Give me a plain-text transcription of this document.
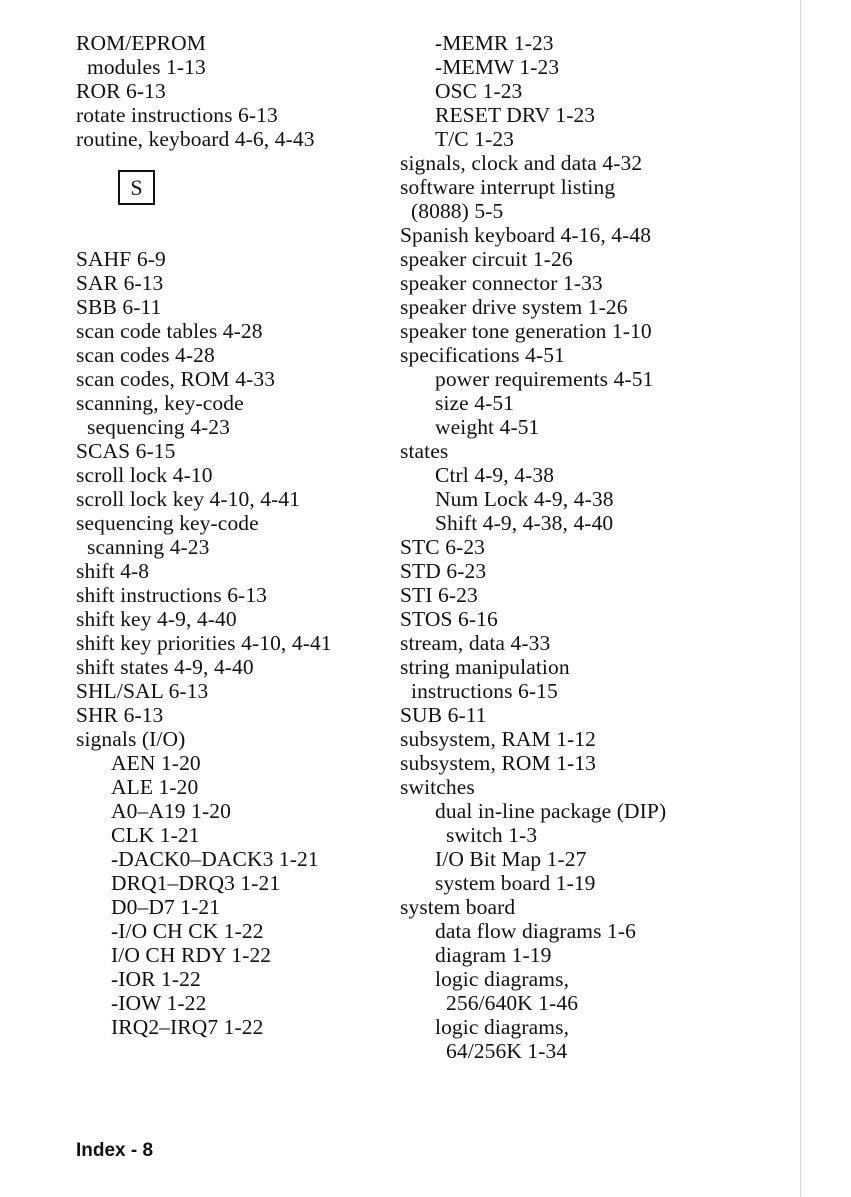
ROM/EPROM
modules 1-13
ROR 6-13
rotate instructions 6-13
routine, keyboard 4-6, 4-43
S
SAHF 6-9
SAR 6-13
SBB 6-11
scan code tables 4-28
scan codes 4-28
scan codes, ROM 4-33
scanning, key-code
sequencing 4-23
SCAS 6-15
scroll lock 4-10
scroll lock key 4-10, 4-41
sequencing key-code
scanning 4-23
shift 4-8
shift instructions 6-13
shift key 4-9, 4-40
shift key priorities 4-10, 4-41
shift states 4-9, 4-40
SHL/SAL 6-13
SHR 6-13
signals (I/O)
AEN 1-20
ALE 1-20
A0–A19 1-20
CLK 1-21
-DACK0–DACK3 1-21
DRQ1–DRQ3 1-21
D0–D7 1-21
-I/O CH CK 1-22
I/O CH RDY 1-22
-IOR 1-22
-IOW 1-22
IRQ2–IRQ7 1-22
-MEMR 1-23
-MEMW 1-23
OSC 1-23
RESET DRV 1-23
T/C 1-23
signals, clock and data 4-32
software interrupt listing
(8088) 5-5
Spanish keyboard 4-16, 4-48
speaker circuit 1-26
speaker connector 1-33
speaker drive system 1-26
speaker tone generation 1-10
specifications 4-51
power requirements 4-51
size 4-51
weight 4-51
states
Ctrl 4-9, 4-38
Num Lock 4-9, 4-38
Shift 4-9, 4-38, 4-40
STC 6-23
STD 6-23
STI 6-23
STOS 6-16
stream, data 4-33
string manipulation
instructions 6-15
SUB 6-11
subsystem, RAM 1-12
subsystem, ROM 1-13
switches
dual in-line package (DIP)
switch 1-3
I/O Bit Map 1-27
system board 1-19
system board
data flow diagrams 1-6
diagram 1-19
logic diagrams,
256/640K 1-46
logic diagrams,
64/256K 1-34
Index - 8
